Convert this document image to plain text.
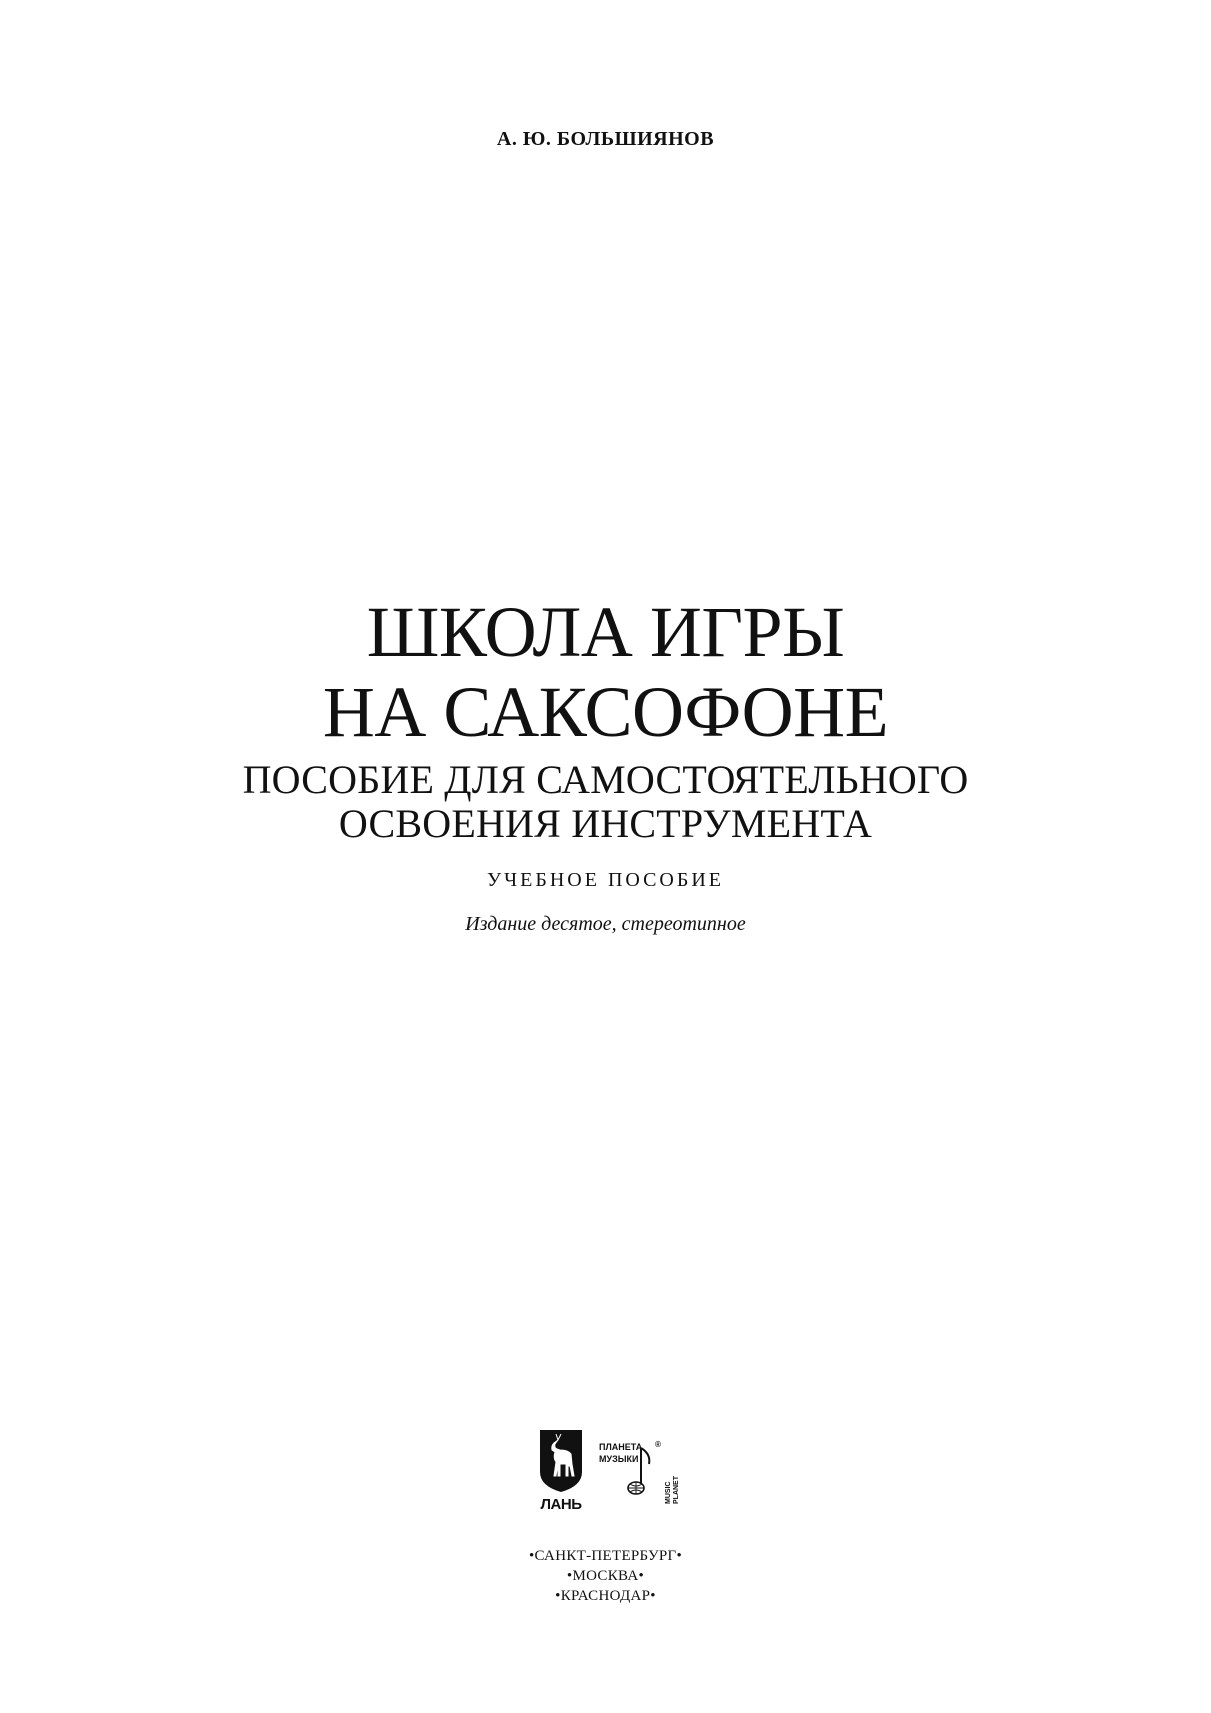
А. Ю. БОЛЬШИЯНОВ

ШКОЛА ИГРЫ
НА САКСОФОНЕ
ПОСОБИЕ ДЛЯ САМОСТОЯТЕЛЬНОГО
ОСВОЕНИЯ ИНСТРУМЕНТА

УЧЕБНОЕ ПОСОБИЕ

Издание десятое, стереотипное

ЛАНЬ
ПЛАНЕТА
МУЗЫКИ
®
MUSIC PLANET

•САНКТ-ПЕТЕРБУРГ•

•МОСКВА•

•КРАСНОДАР•
